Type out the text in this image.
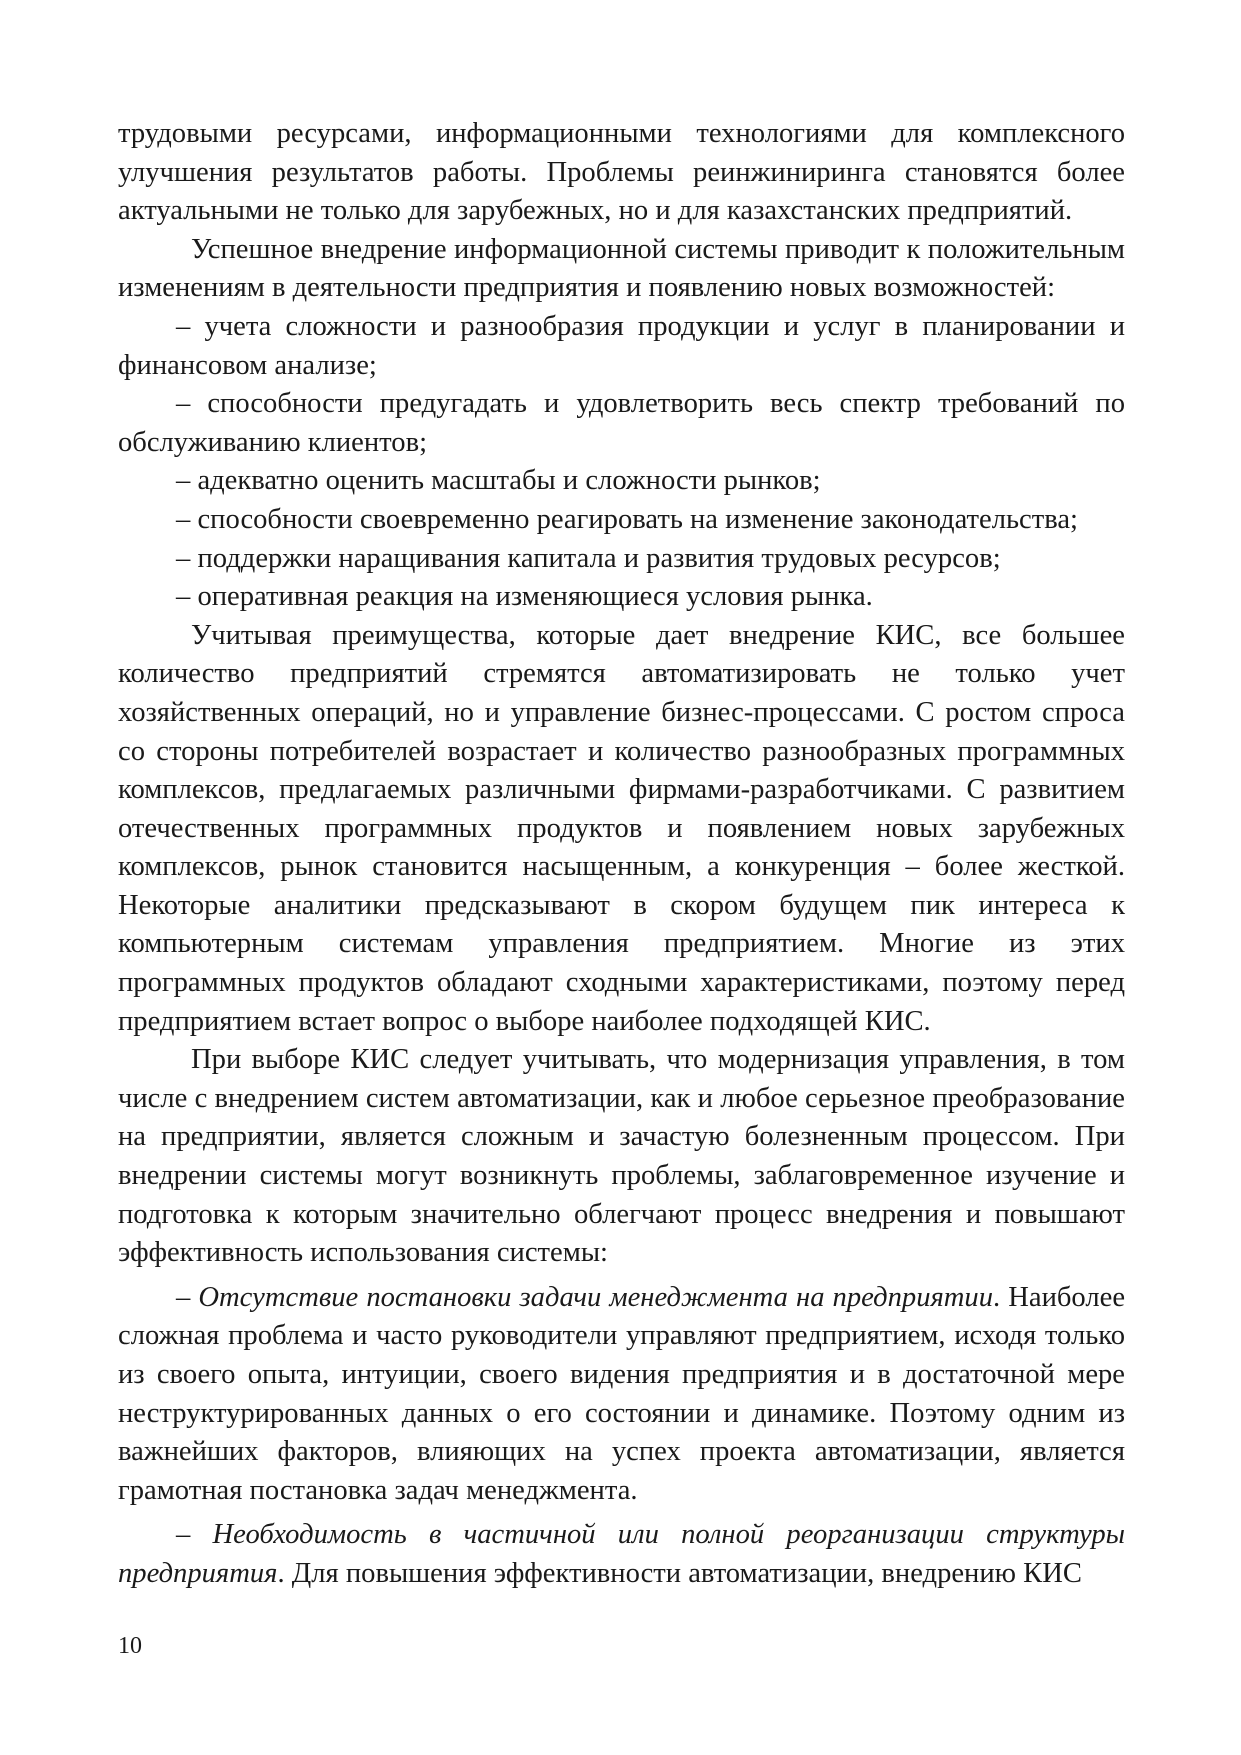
трудовыми ресурсами, информационными технологиями для комплексного улучшения результатов работы. Проблемы реинжиниринга становятся более актуальными не только для зарубежных, но и для казахстанских предприятий.

Успешное внедрение информационной системы приводит к положительным изменениям в деятельности предприятия и появлению новых возможностей:

– учета сложности и разнообразия продукции и услуг в планировании и финансовом анализе;

– способности предугадать и удовлетворить весь спектр требований по обслуживанию клиентов;

– адекватно оценить масштабы и сложности рынков;

– способности своевременно реагировать на изменение законодательства;

– поддержки наращивания капитала и развития трудовых ресурсов;

– оперативная реакция на изменяющиеся условия рынка.

Учитывая преимущества, которые дает внедрение КИС, все большее количество предприятий стремятся автоматизировать не только учет хозяйственных операций, но и управление бизнес-процессами. С ростом спроса со стороны потребителей возрастает и количество разнообразных программных комплексов, предлагаемых различными фирмами-разработчиками. С развитием отечественных программных продуктов и появлением новых зарубежных комплексов, рынок становится насыщенным, а конкуренция – более жесткой. Некоторые аналитики предсказывают в скором будущем пик интереса к компьютерным системам управления предприятием. Многие из этих программных продуктов обладают сходными характеристиками, поэтому перед предприятием встает вопрос о выборе наиболее подходящей КИС.

При выборе КИС следует учитывать, что модернизация управления, в том числе с внедрением систем автоматизации, как и любое серьезное преобразование на предприятии, является сложным и зачастую болезненным процессом. При внедрении системы могут возникнуть проблемы, заблаговременное изучение и подготовка к которым значительно облегчают процесс внедрения и повышают эффективность использования системы:

– Отсутствие постановки задачи менеджмента на предприятии. Наиболее сложная проблема и часто руководители управляют предприятием, исходя только из своего опыта, интуиции, своего видения предприятия и в достаточной мере неструктурированных данных о его состоянии и динамике. Поэтому одним из важнейших факторов, влияющих на успех проекта автоматизации, является грамотная постановка задач менеджмента.

– Необходимость в частичной или полной реорганизации структуры предприятия. Для повышения эффективности автоматизации, внедрению КИС

10
